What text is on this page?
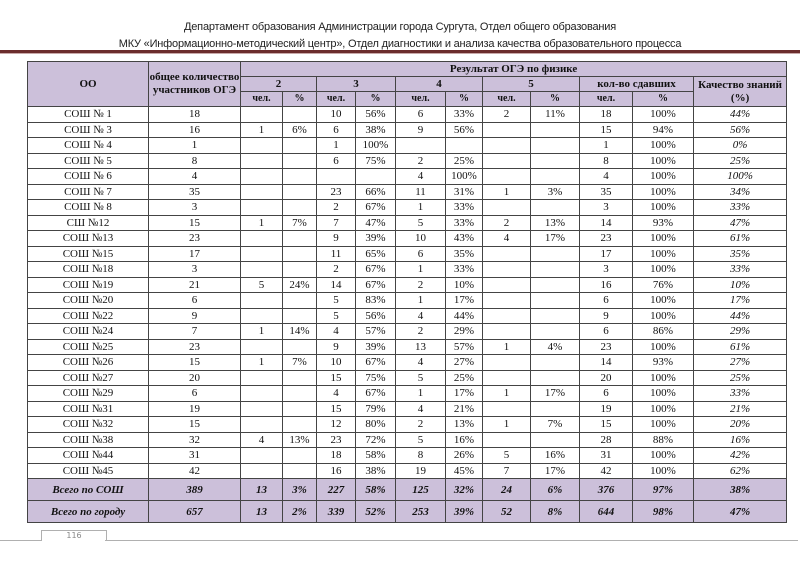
Департамент образования Администрации города Сургута, Отдел общего образования
МКУ «Информационно-методический центр», Отдел диагностики и анализа качества образовательного процесса
ОО	общее количество участников ОГЭ	Результат ОГЭ по физике										
		2		3		4		5		кол-во сдавших		Качество знаний (%)
		чел.	%	чел.	%	чел.	%	чел.	%	чел.	%	
СОШ № 1	18			10	56%	6	33%	2	11%	18	100%	44%
СОШ № 3	16	1	6%	6	38%	9	56%			15	94%	56%
СОШ № 4	1			1	100%					1	100%	0%
СОШ № 5	8			6	75%	2	25%			8	100%	25%
СОШ № 6	4					4	100%			4	100%	100%
СОШ № 7	35			23	66%	11	31%	1	3%	35	100%	34%
СОШ № 8	3			2	67%	1	33%			3	100%	33%
СШ №12	15	1	7%	7	47%	5	33%	2	13%	14	93%	47%
СОШ №13	23			9	39%	10	43%	4	17%	23	100%	61%
СОШ №15	17			11	65%	6	35%			17	100%	35%
СОШ №18	3			2	67%	1	33%			3	100%	33%
СОШ №19	21	5	24%	14	67%	2	10%			16	76%	10%
СОШ №20	6			5	83%	1	17%			6	100%	17%
СОШ №22	9			5	56%	4	44%			9	100%	44%
СОШ №24	7	1	14%	4	57%	2	29%			6	86%	29%
СОШ №25	23			9	39%	13	57%	1	4%	23	100%	61%
СОШ №26	15	1	7%	10	67%	4	27%			14	93%	27%
СОШ №27	20			15	75%	5	25%			20	100%	25%
СОШ №29	6			4	67%	1	17%	1	17%	6	100%	33%
СОШ №31	19			15	79%	4	21%			19	100%	21%
СОШ №32	15			12	80%	2	13%	1	7%	15	100%	20%
СОШ №38	32	4	13%	23	72%	5	16%			28	88%	16%
СОШ №44	31			18	58%	8	26%	5	16%	31	100%	42%
СОШ №45	42			16	38%	19	45%	7	17%	42	100%	62%
Всего по СОШ	389	13	3%	227	58%	125	32%	24	6%	376	97%	38%
Всего по городу	657	13	2%	339	52%	253	39%	52	8%	644	98%	47%
116
